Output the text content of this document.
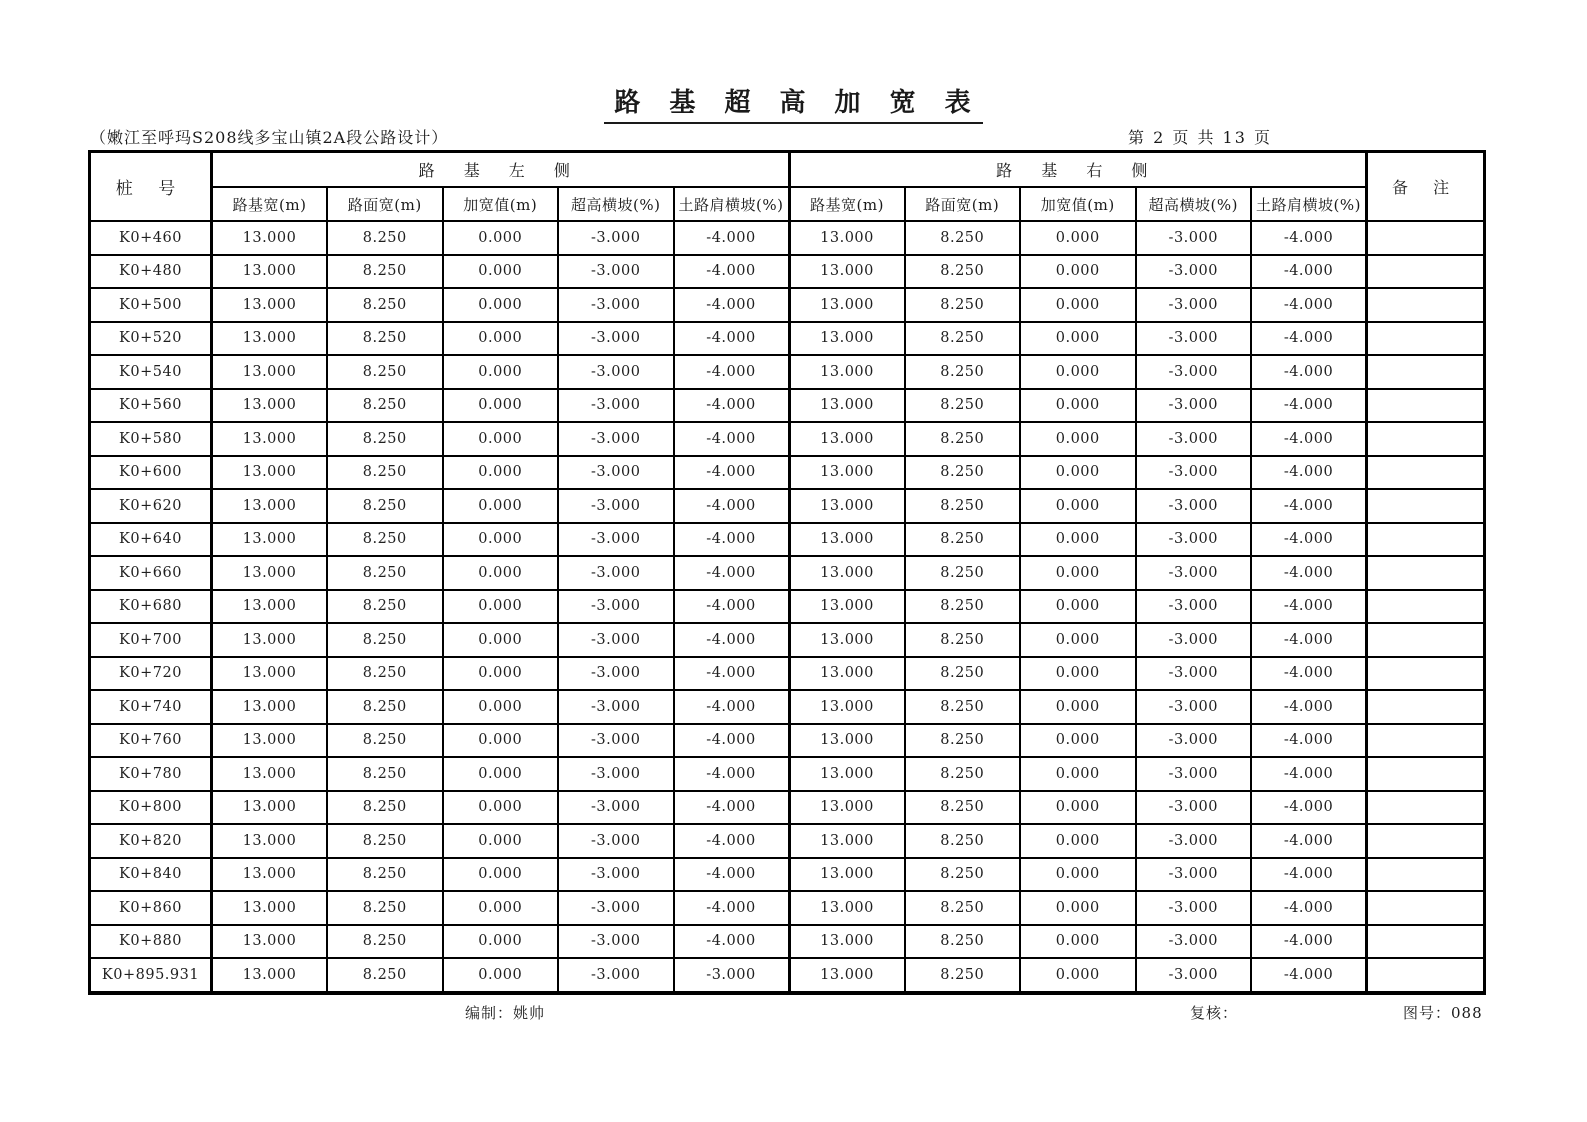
路 基 超 高 加 宽 表
（嫩江至呼玛S208线多宝山镇2A段公路设计）	第 2 页 共 13 页
桩 号	路 基 左 侧					路 基 右 侧					备 注
	路基宽(m)	路面宽(m)	加宽值(m)	超高横坡(%)	土路肩横坡(%)	路基宽(m)	路面宽(m)	加宽值(m)	超高横坡(%)	土路肩横坡(%)	
K0+460	13.000	8.250	0.000	-3.000	-4.000	13.000	8.250	0.000	-3.000	-4.000	
K0+480	13.000	8.250	0.000	-3.000	-4.000	13.000	8.250	0.000	-3.000	-4.000	
K0+500	13.000	8.250	0.000	-3.000	-4.000	13.000	8.250	0.000	-3.000	-4.000	
K0+520	13.000	8.250	0.000	-3.000	-4.000	13.000	8.250	0.000	-3.000	-4.000	
K0+540	13.000	8.250	0.000	-3.000	-4.000	13.000	8.250	0.000	-3.000	-4.000	
K0+560	13.000	8.250	0.000	-3.000	-4.000	13.000	8.250	0.000	-3.000	-4.000	
K0+580	13.000	8.250	0.000	-3.000	-4.000	13.000	8.250	0.000	-3.000	-4.000	
K0+600	13.000	8.250	0.000	-3.000	-4.000	13.000	8.250	0.000	-3.000	-4.000	
K0+620	13.000	8.250	0.000	-3.000	-4.000	13.000	8.250	0.000	-3.000	-4.000	
K0+640	13.000	8.250	0.000	-3.000	-4.000	13.000	8.250	0.000	-3.000	-4.000	
K0+660	13.000	8.250	0.000	-3.000	-4.000	13.000	8.250	0.000	-3.000	-4.000	
K0+680	13.000	8.250	0.000	-3.000	-4.000	13.000	8.250	0.000	-3.000	-4.000	
K0+700	13.000	8.250	0.000	-3.000	-4.000	13.000	8.250	0.000	-3.000	-4.000	
K0+720	13.000	8.250	0.000	-3.000	-4.000	13.000	8.250	0.000	-3.000	-4.000	
K0+740	13.000	8.250	0.000	-3.000	-4.000	13.000	8.250	0.000	-3.000	-4.000	
K0+760	13.000	8.250	0.000	-3.000	-4.000	13.000	8.250	0.000	-3.000	-4.000	
K0+780	13.000	8.250	0.000	-3.000	-4.000	13.000	8.250	0.000	-3.000	-4.000	
K0+800	13.000	8.250	0.000	-3.000	-4.000	13.000	8.250	0.000	-3.000	-4.000	
K0+820	13.000	8.250	0.000	-3.000	-4.000	13.000	8.250	0.000	-3.000	-4.000	
K0+840	13.000	8.250	0.000	-3.000	-4.000	13.000	8.250	0.000	-3.000	-4.000	
K0+860	13.000	8.250	0.000	-3.000	-4.000	13.000	8.250	0.000	-3.000	-4.000	
K0+880	13.000	8.250	0.000	-3.000	-4.000	13.000	8.250	0.000	-3.000	-4.000	
K0+895.931	13.000	8.250	0.000	-3.000	-3.000	13.000	8.250	0.000	-3.000	-4.000	
编制：姚帅	复核：	图号：088
